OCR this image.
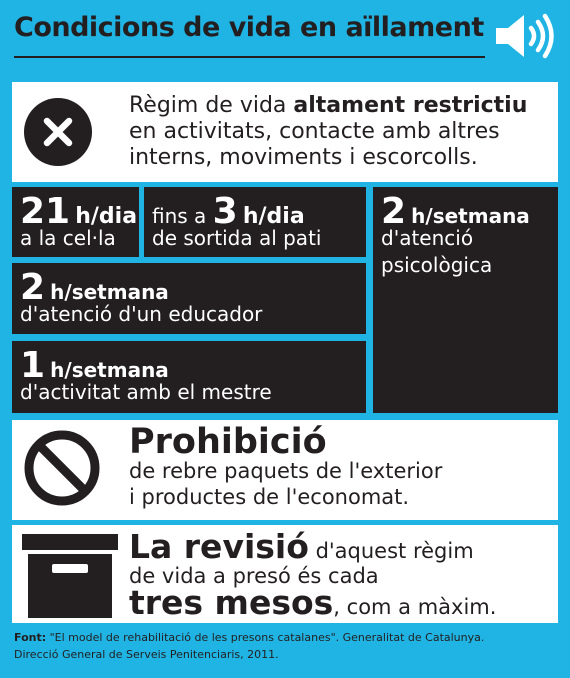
Condicions de vida en aïllament
Règim de vida altament restrictiu
en activitats, contacte amb altres
interns, moviments i escorcolls.
21 h/dia
a la cel·la
fins a 3 h/dia
de sortida al pati
2 h/setmana
d'atenció
psicològica
2 h/setmana
d'atenció d'un educador
1 h/setmana
d'activitat amb el mestre
Prohibició
de rebre paquets de l'exterior
i productes de l'economat.
La revisió d'aquest règim
de vida a presó és cada
tres mesos, com a màxim.
Font: "El model de rehabilitació de les presons catalanes". Generalitat de Catalunya.
Direcció General de Serveis Penitenciaris, 2011.
